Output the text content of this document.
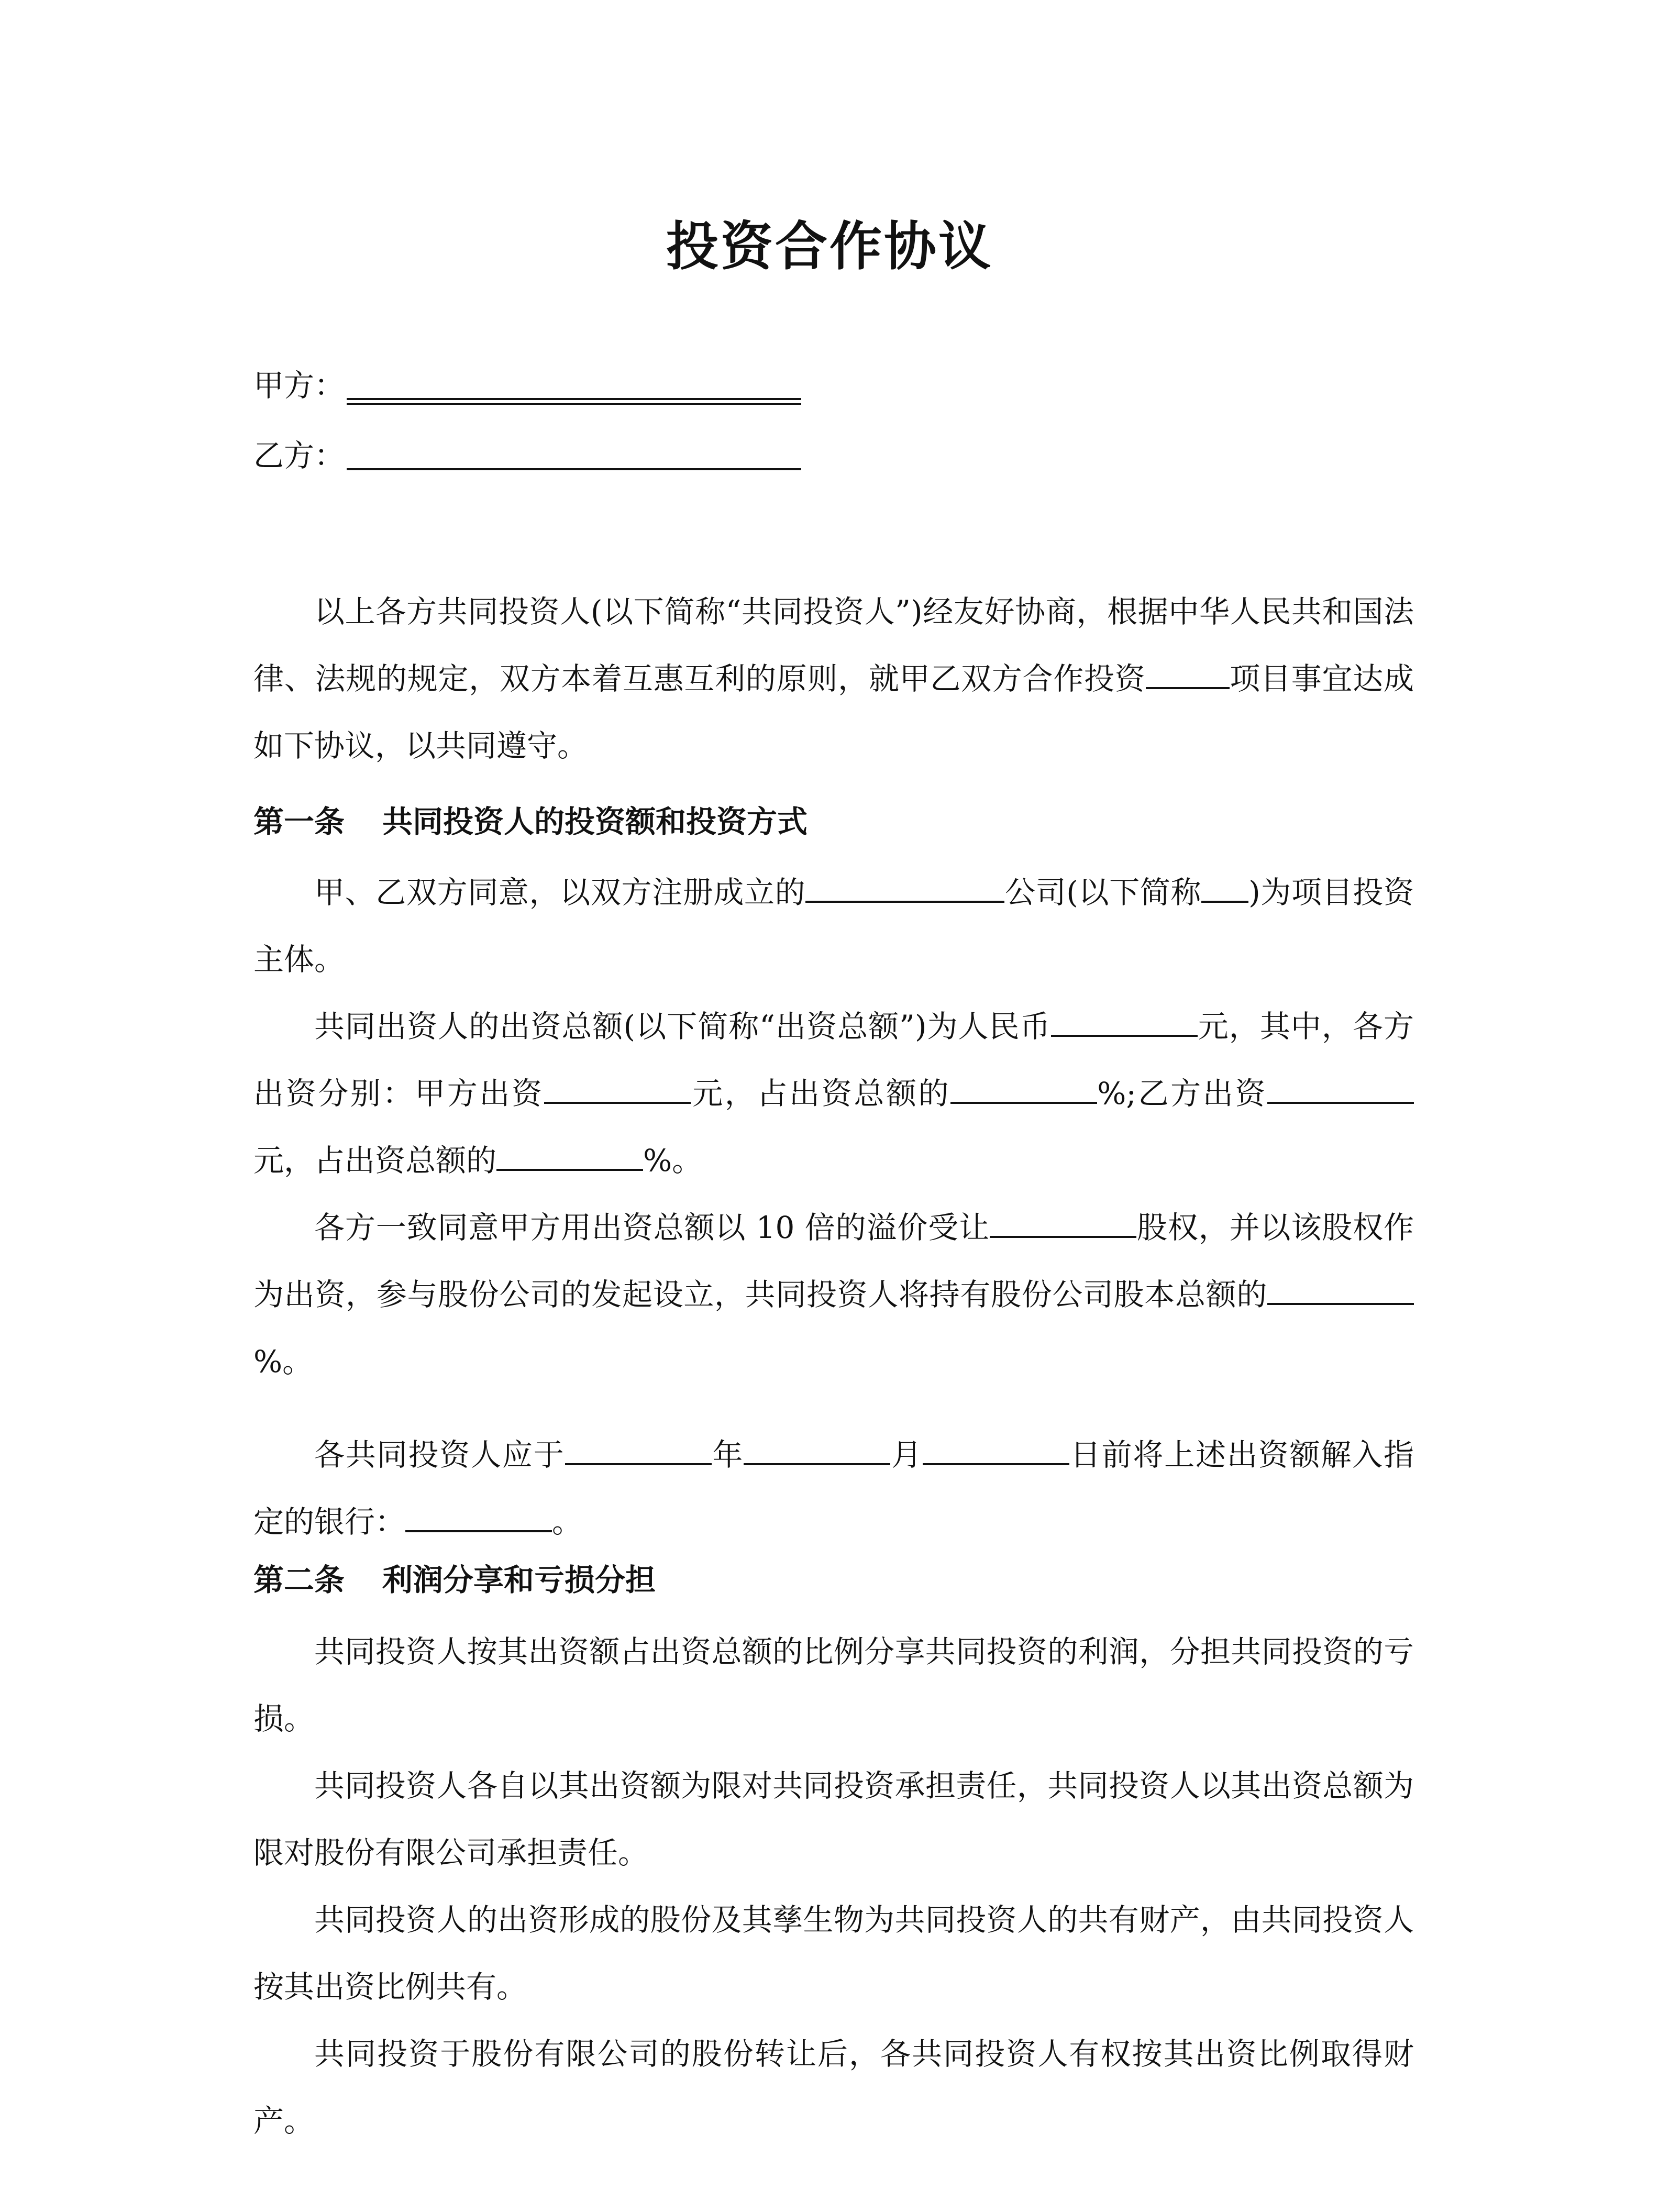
投资合作协议
甲方：
乙方：

以上各方共同投资人(以下简称“共同投资人”)经友好协商，根据中华人民共和国法律、法规的规定，双方本着互惠互利的原则，就甲乙双方合作投资	项目事宜达成如下协议，以共同遵守。

第一条 共同投资人的投资额和投资方式

甲、乙双方同意，以双方注册成立的	公司(以下简称 )为项目投资主体。

共同出资人的出资总额(以下简称“出资总额”)为人民币	元，其中，各方出资分别：甲方出资	元，占出资总额的	%;乙方出资元，占出资总额的	%。

各方一致同意甲方用出资总额以 10 倍的溢价受让	股权，并以该股权作为出资，参与股份公司的发起设立，共同投资人将持有股份公司股本总额的%。

各共同投资人应于	年	月	日前将上述出资额解入指定的银行：	。

第二条 利润分享和亏损分担

共同投资人按其出资额占出资总额的比例分享共同投资的利润，分担共同投资的亏损。

共同投资人各自以其出资额为限对共同投资承担责任，共同投资人以其出资总额为限对股份有限公司承担责任。

共同投资人的出资形成的股份及其孳生物为共同投资人的共有财产，由共同投资人按其出资比例共有。

共同投资于股份有限公司的股份转让后，各共同投资人有权按其出资比例取得财产。
